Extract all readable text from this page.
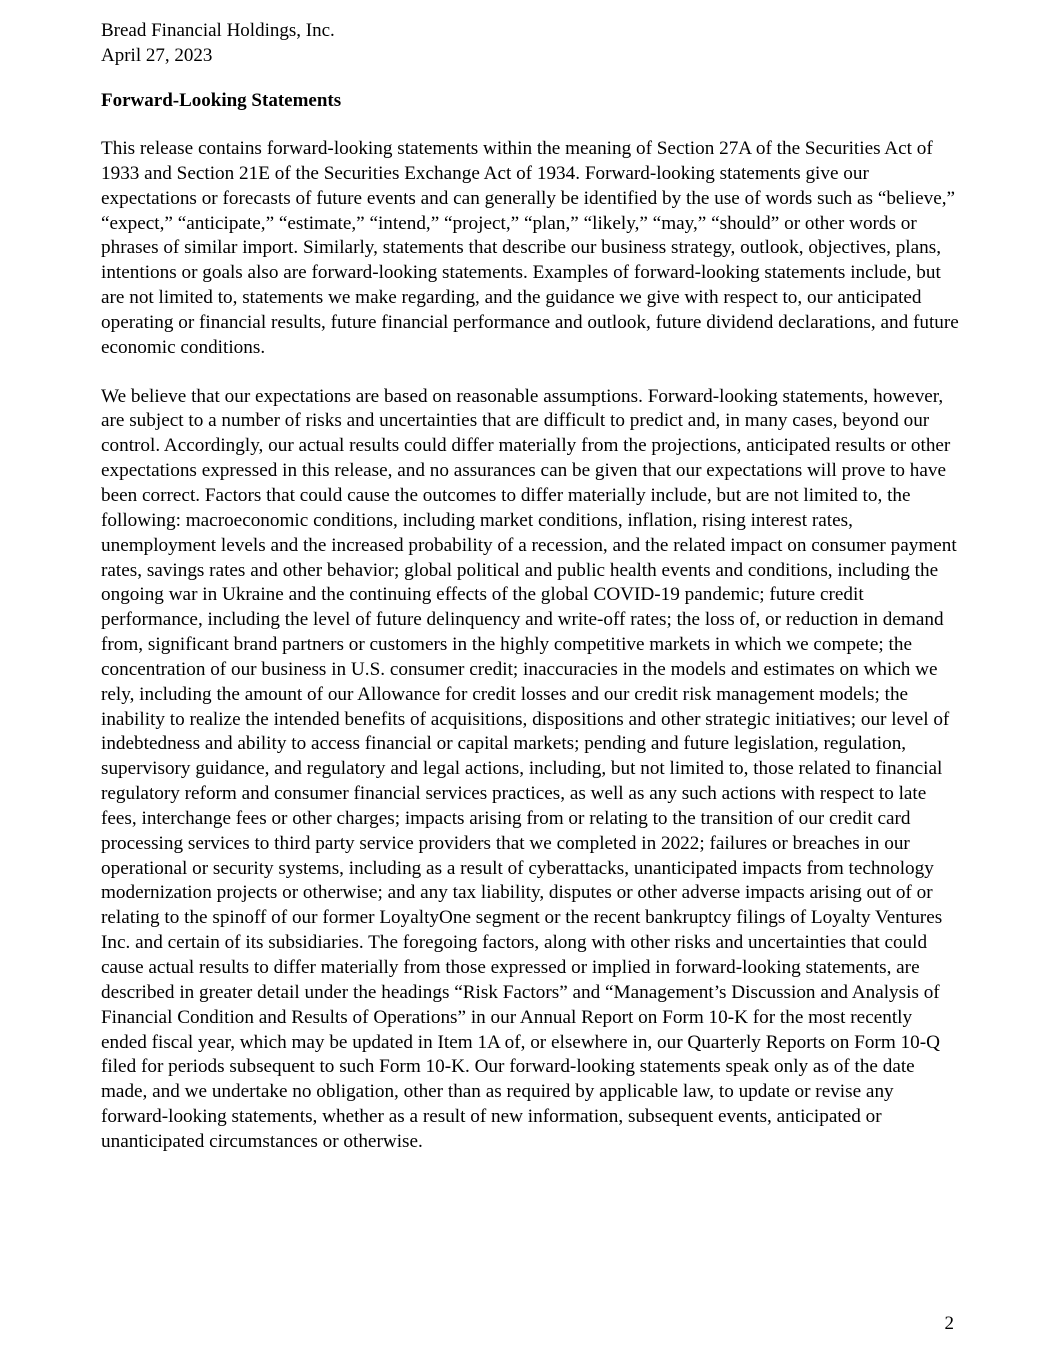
Bread Financial Holdings, Inc.
April 27, 2023
Forward-Looking Statements

This release contains forward-looking statements within the meaning of Section 27A of the Securities Act of 1933 and Section 21E of the Securities Exchange Act of 1934. Forward-looking statements give our expectations or forecasts of future events and can generally be identified by the use of words such as “believe,” “expect,” “anticipate,” “estimate,” “intend,” “project,” “plan,” “likely,” “may,” “should” or other words or phrases of similar import. Similarly, statements that describe our business strategy, outlook, objectives, plans, intentions or goals also are forward-looking statements. Examples of forward-looking statements include, but are not limited to, statements we make regarding, and the guidance we give with respect to, our anticipated operating or financial results, future financial performance and outlook, future dividend declarations, and future economic conditions.

We believe that our expectations are based on reasonable assumptions. Forward-looking statements, however, are subject to a number of risks and uncertainties that are difficult to predict and, in many cases, beyond our control. Accordingly, our actual results could differ materially from the projections, anticipated results or other expectations expressed in this release, and no assurances can be given that our expectations will prove to have been correct. Factors that could cause the outcomes to differ materially include, but are not limited to, the following: macroeconomic conditions, including market conditions, inflation, rising interest rates, unemployment levels and the increased probability of a recession, and the related impact on consumer payment rates, savings rates and other behavior; global political and public health events and conditions, including the ongoing war in Ukraine and the continuing effects of the global COVID-19 pandemic; future credit performance, including the level of future delinquency and write-off rates; the loss of, or reduction in demand from, significant brand partners or customers in the highly competitive markets in which we compete; the concentration of our business in U.S. consumer credit; inaccuracies in the models and estimates on which we rely, including the amount of our Allowance for credit losses and our credit risk management models; the inability to realize the intended benefits of acquisitions, dispositions and other strategic initiatives; our level of indebtedness and ability to access financial or capital markets; pending and future legislation, regulation, supervisory guidance, and regulatory and legal actions, including, but not limited to, those related to financial regulatory reform and consumer financial services practices, as well as any such actions with respect to late fees, interchange fees or other charges; impacts arising from or relating to the transition of our credit card processing services to third party service providers that we completed in 2022; failures or breaches in our operational or security systems, including as a result of cyberattacks, unanticipated impacts from technology modernization projects or otherwise; and any tax liability, disputes or other adverse impacts arising out of or relating to the spinoff of our former LoyaltyOne segment or the recent bankruptcy filings of Loyalty Ventures Inc. and certain of its subsidiaries. The foregoing factors, along with other risks and uncertainties that could cause actual results to differ materially from those expressed or implied in forward-looking statements, are described in greater detail under the headings “Risk Factors” and “Management’s Discussion and Analysis of Financial Condition and Results of Operations” in our Annual Report on Form 10-K for the most recently ended fiscal year, which may be updated in Item 1A of, or elsewhere in, our Quarterly Reports on Form 10-Q filed for periods subsequent to such Form 10-K. Our forward-looking statements speak only as of the date made, and we undertake no obligation, other than as required by applicable law, to update or revise any forward-looking statements, whether as a result of new information, subsequent events, anticipated or unanticipated circumstances or otherwise.

2
